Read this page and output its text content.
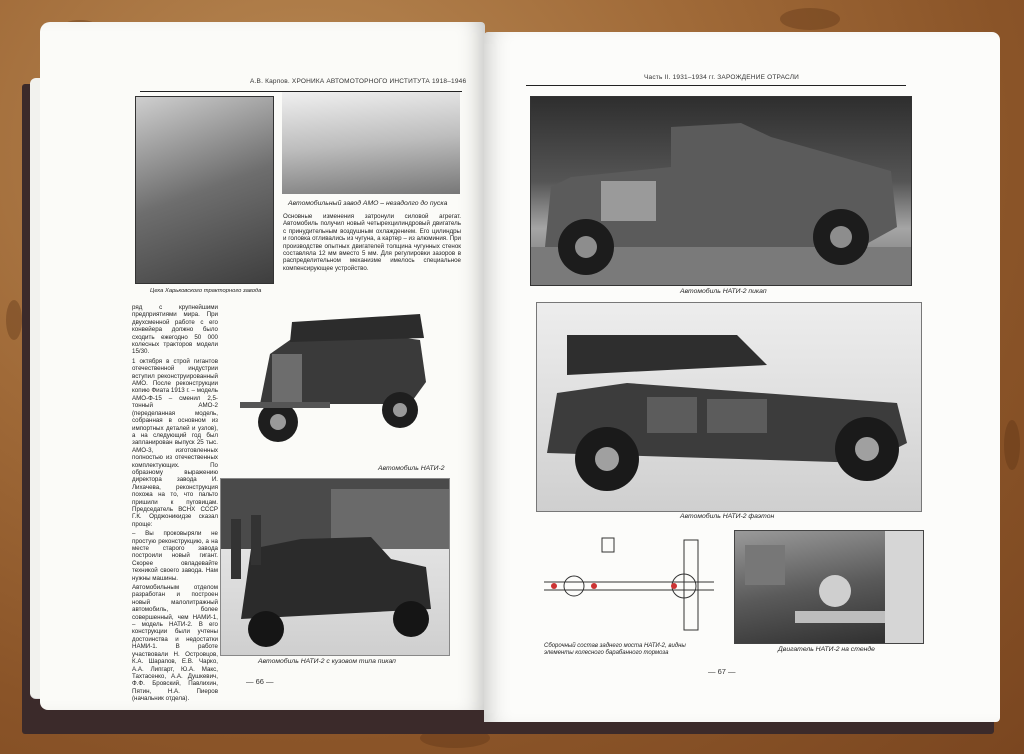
А.В. Карпов. ХРОНИКА АВТОМОТОРНОГО ИНСТИТУТА 1918–1946
Автомобильный завод АМО – незадолго до пуска
Основные изменения затронули силовой агрегат. Автомобиль получил новый четырехцилиндровый двигатель с принудительным воздушным охлаждением. Его цилиндры и головка отливались из чугуна, а картер – из алюминия. При производстве опытных двигателей толщина чугунных стенок составляла 12 мм вместо 5 мм. Для регулировки зазоров в распределительном механизме имелось специальное компенсирующее устройство.
Цеха Харьковского тракторного завода

ряд с крупнейшими предприятиями мира. При двухсменной работе с его конвейера должно было сходить ежегодно 50 000 колесных тракторов модели 15/30.

1 октября в строй гигантов отечественной индустрии вступил реконструированный АМО. После реконструкции копию Фиата 1913 г. – модель АМО-Ф-15 – сменил 2,5-тонный АМО-2 (переделанная модель, собранная в основном из импортных деталей и узлов), а на следующий год был запланирован выпуск 25 тыс. АМО-3, изготовленных полностью из отечественных комплектующих. По образному выражению директора завода И. Лихачева, реконструкция похожа на то, что пальто пришили к пуговицам. Председатель ВСНХ СССР Г.К. Орджоникидзе сказал проще:

– Вы проковыряли не простую реконструкцию, а на месте старого завода построили новый гигант. Скорее овладевайте техникой своего завода. Нам нужны машины.

Автомобильным отделом разработан и построен новый малолитражный автомобиль, более совершенный, чем НАМИ-1, – модель НАТИ-2. В его конструкции были учтены достоинства и недостатки НАМИ-1. В работе участвовали Н. Островцов, К.А. Шарапов, Е.В. Чарко, А.А. Липгарт, Ю.А. Макс, Тахтасенко, А.А. Душкевич, Ф.Ф. Бровский, Павлихин, Пятин, Н.А. Пиеров (начальник отдела).

Автомобиль НАТИ-2
Автомобиль НАТИ-2 с кузовом типа пикап
— 66 —
Часть II. 1931–1934 гг. ЗАРОЖДЕНИЕ ОТРАСЛИ
Автомобиль НАТИ-2 пикап
Автомобиль НАТИ-2 фаэтон
Сборочный состав заднего моста НАТИ-2, видны элементы колесного барабанного тормоза	Двигатель НАТИ-2 на стенде
— 67 —
